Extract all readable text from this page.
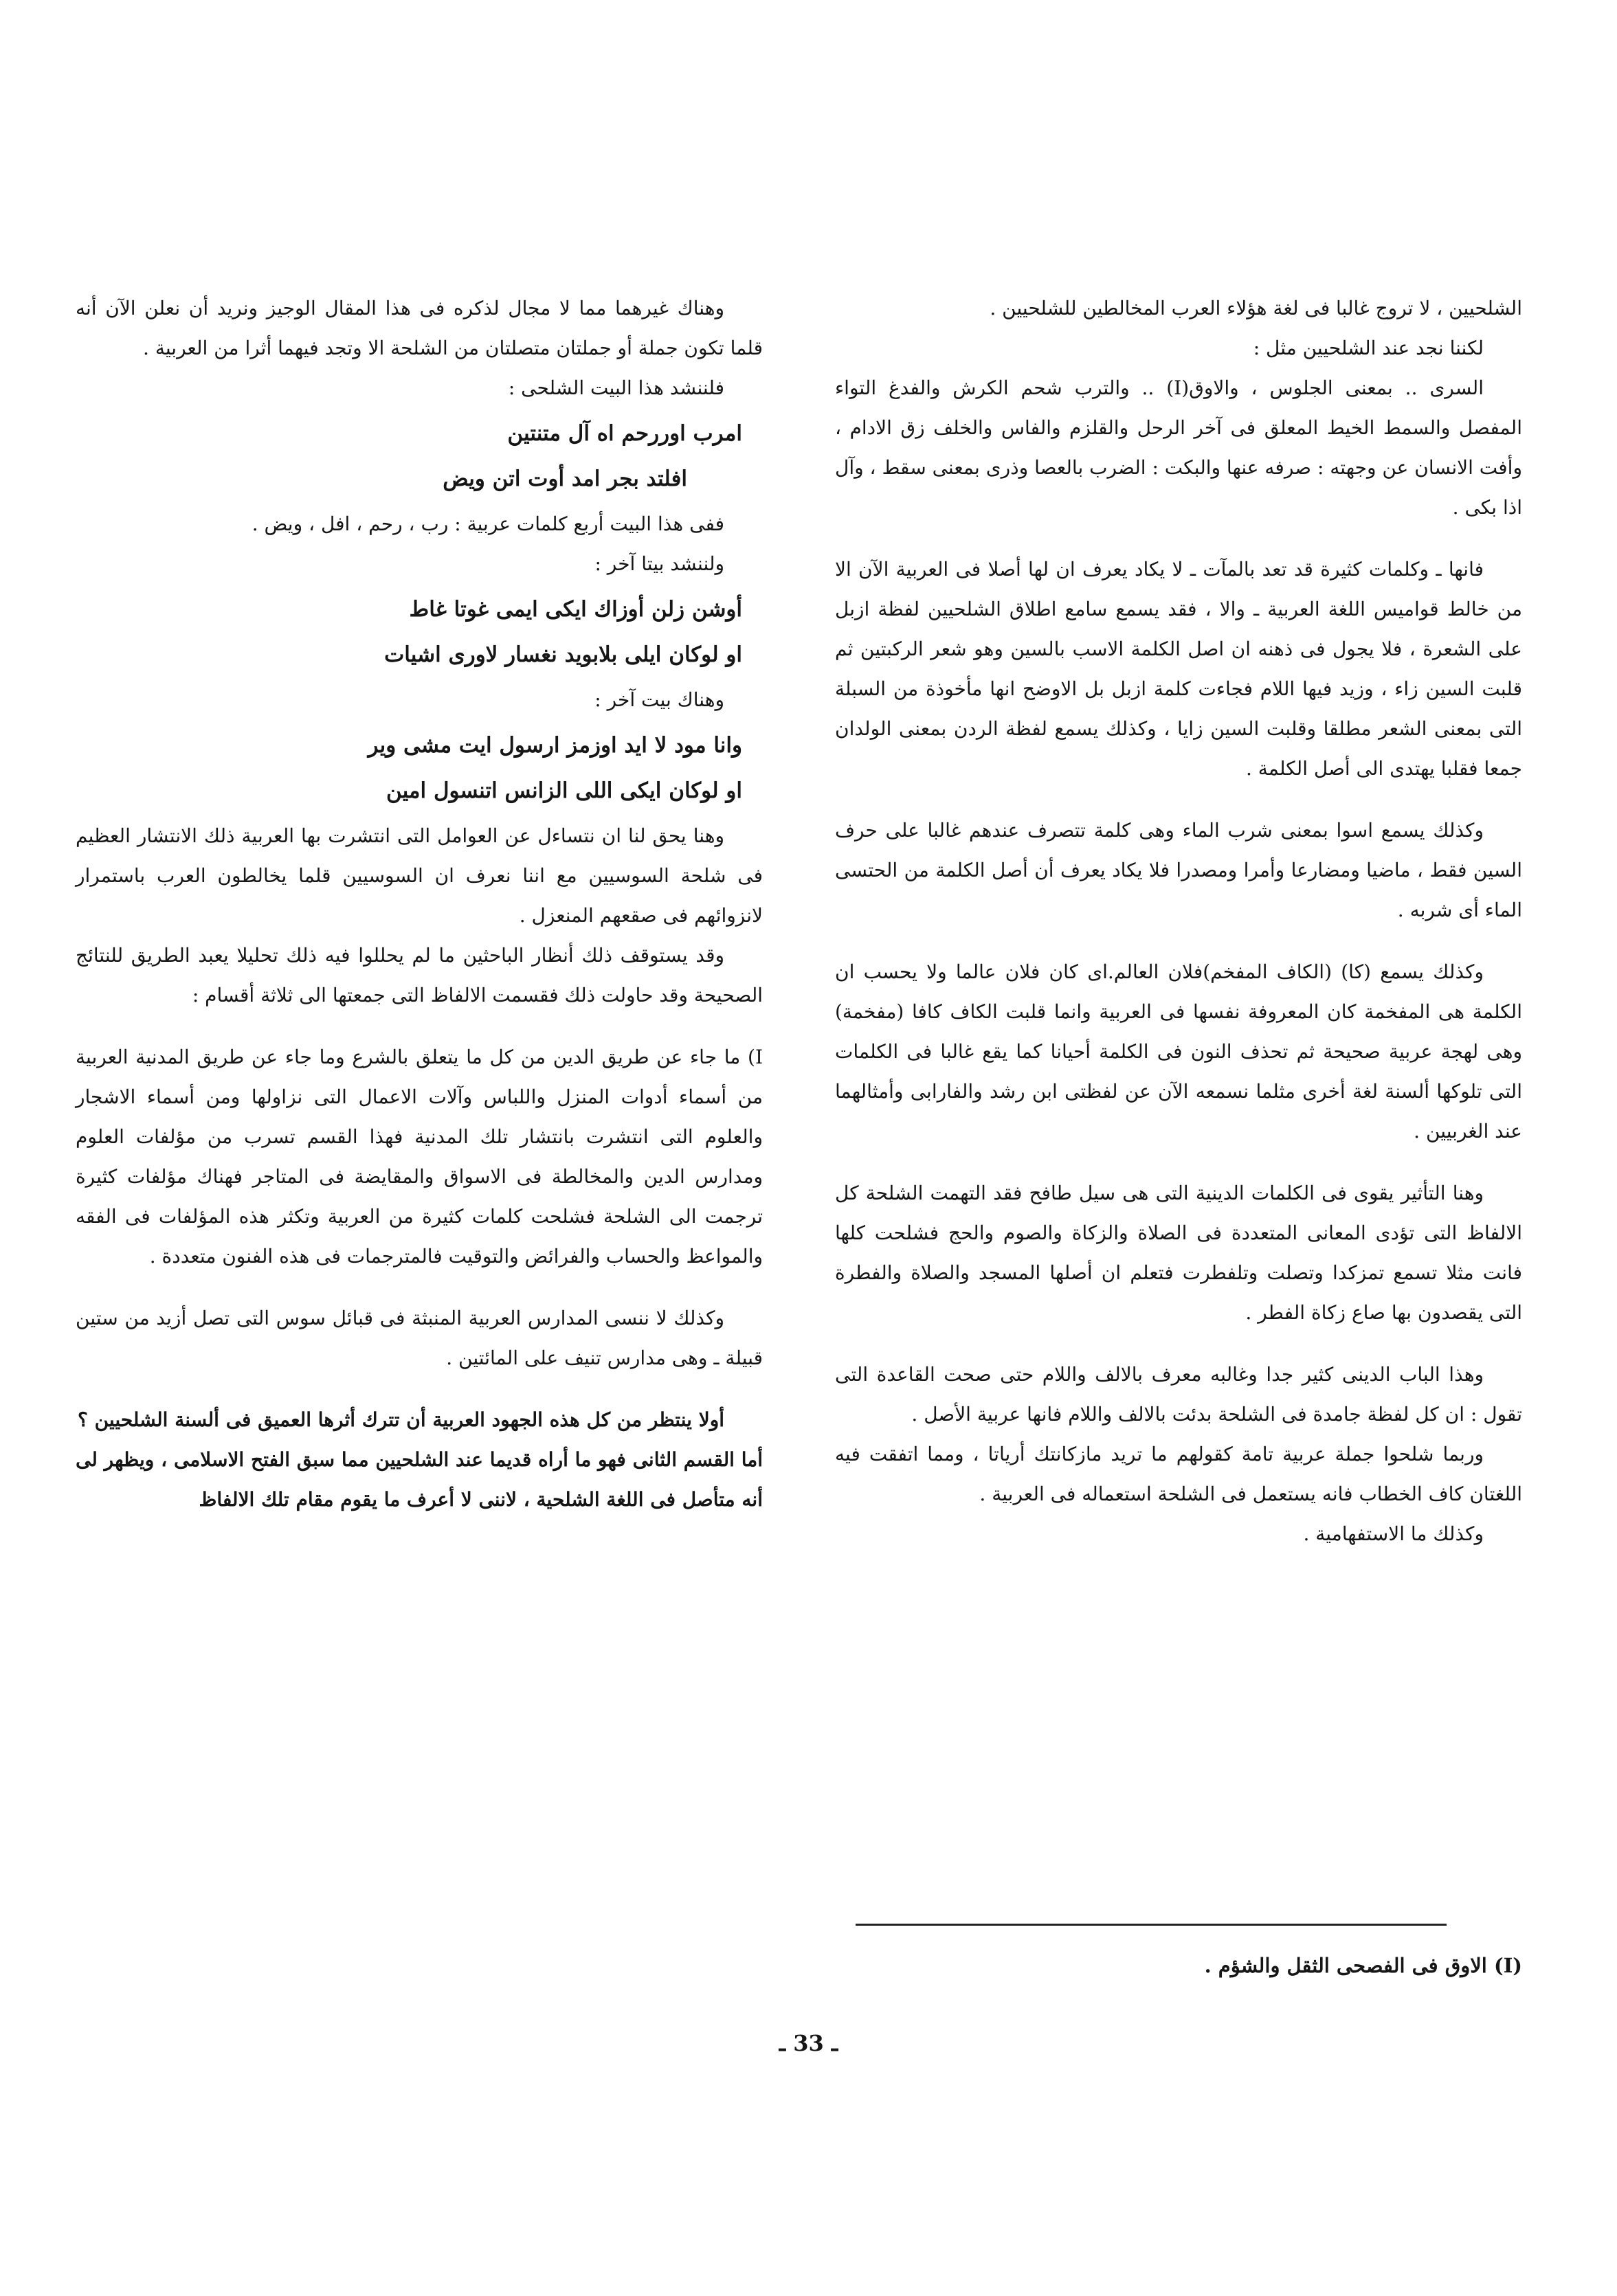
الشلحيين ، لا تروج غالبا فى لغة هؤلاء العرب المخالطين للشلحيين .

لكننا نجد عند الشلحيين مثل :

السرى .. بمعنى الجلوس ، والاوق(I) .. والترب شحم الكرش والفدغ التواء المفصل والسمط الخيط المعلق فى آخر الرحل والقلزم والفاس والخلف زق الادام ، وأفت الانسان عن وجهته : صرفه عنها والبكت : الضرب بالعصا وذرى بمعنى سقط ، وآل اذا بكى .

فانها ـ وكلمات كثيرة قد تعد بالمآت ـ لا يكاد يعرف ان لها أصلا فى العربية الآن الا من خالط قواميس اللغة العربية ـ والا ، فقد يسمع سامع اطلاق الشلحيين لفظة ازبل على الشعرة ، فلا يجول فى ذهنه ان اصل الكلمة الاسب بالسين وهو شعر الركبتين ثم قلبت السين زاء ، وزيد فيها اللام فجاءت كلمة ازبل بل الاوضح انها مأخوذة من السبلة التى بمعنى الشعر مطلقا وقلبت السين زايا ، وكذلك يسمع لفظة الردن بمعنى الولدان جمعا فقلبا يهتدى الى أصل الكلمة .

وكذلك يسمع اسوا بمعنى شرب الماء وهى كلمة تتصرف عندهم غالبا على حرف السين فقط ، ماضيا ومضارعا وأمرا ومصدرا فلا يكاد يعرف أن أصل الكلمة من الحتسى الماء أى شربه .

وكذلك يسمع (كا) (الكاف المفخم)فلان العالم.اى كان فلان عالما ولا يحسب ان الكلمة هى المفخمة كان المعروفة نفسها فى العربية وانما قلبت الكاف كافا (مفخمة) وهى لهجة عربية صحيحة ثم تحذف النون فى الكلمة أحيانا كما يقع غالبا فى الكلمات التى تلوكها ألسنة لغة أخرى مثلما نسمعه الآن عن لفظتى ابن رشد والفارابى وأمثالهما عند الغربيين .

وهنا التأثير يقوى فى الكلمات الدينية التى هى سيل طافح فقد التهمت الشلحة كل الالفاظ التى تؤدى المعانى المتعددة فى الصلاة والزكاة والصوم والحج فشلحت كلها فانت مثلا تسمع تمزكدا وتصلت وتلفطرت فتعلم ان أصلها المسجد والصلاة والفطرة التى يقصدون بها صاع زكاة الفطر .

وهذا الباب الدينى كثير جدا وغالبه معرف بالالف واللام حتى صحت القاعدة التى تقول : ان كل لفظة جامدة فى الشلحة بدئت بالالف واللام فانها عربية الأصل .

وربما شلحوا جملة عربية تامة كقولهم ما تريد مازكانتك أرياتا ، ومما اتفقت فيه اللغتان كاف الخطاب فانه يستعمل فى الشلحة استعماله فى العربية .

وكذلك ما الاستفهامية .

وهناك غيرهما مما لا مجال لذكره فى هذا المقال الوجيز ونريد أن نعلن الآن أنه قلما تكون جملة أو جملتان متصلتان من الشلحة الا وتجد فيهما أثرا من العربية .

فلننشد هذا البيت الشلحى :

امرب اوررحم اه آل متنتين
افلتد بجر امد أوت اتن ويض

ففى هذا البيت أربع كلمات عربية : رب ، رحم ، افل ، ويض .

ولننشد بيتا آخر :

أوشن زلن أوزاك ايكى ايمى غوتا غاط
او لوكان ايلى بلابويد نغسار لاورى اشيات

وهناك بيت آخر :

وانا مود لا ايد اوزمز ارسول ايت مشى وير
او لوكان ايكى اللى الزانس اتنسول امين

وهنا يحق لنا ان نتساءل عن العوامل التى انتشرت بها العربية ذلك الانتشار العظيم فى شلحة السوسيين مع اننا نعرف ان السوسيين قلما يخالطون العرب باستمرار لانزوائهم فى صقعهم المنعزل .

وقد يستوقف ذلك أنظار الباحثين ما لم يحللوا فيه ذلك تحليلا يعبد الطريق للنتائج الصحيحة وقد حاولت ذلك فقسمت الالفاظ التى جمعتها الى ثلاثة أقسام :

I) ما جاء عن طريق الدين من كل ما يتعلق بالشرع وما جاء عن طريق المدنية العربية من أسماء أدوات المنزل واللباس وآلات الاعمال التى نزاولها ومن أسماء الاشجار والعلوم التى انتشرت بانتشار تلك المدنية فهذا القسم تسرب من مؤلفات العلوم ومدارس الدين والمخالطة فى الاسواق والمقايضة فى المتاجر فهناك مؤلفات كثيرة ترجمت الى الشلحة فشلحت كلمات كثيرة من العربية وتكثر هذه المؤلفات فى الفقه والمواعظ والحساب والفرائض والتوقيت فالمترجمات فى هذه الفنون متعددة .

وكذلك لا ننسى المدارس العربية المنبثة فى قبائل سوس التى تصل أزيد من ستين قبيلة ـ وهى مدارس تنيف على المائتين .

أولا ينتظر من كل هذه الجهود العربية أن تترك أثرها العميق فى ألسنة الشلحيين ؟

أما القسم الثانى فهو ما أراه قديما عند الشلحيين مما سبق الفتح الاسلامى ، ويظهر لى أنه متأصل فى اللغة الشلحية ، لاننى لا أعرف ما يقوم مقام تلك الالفاظ

(I) الاوق فى الفصحى الثقل والشؤم .
ـ 33 ـ
